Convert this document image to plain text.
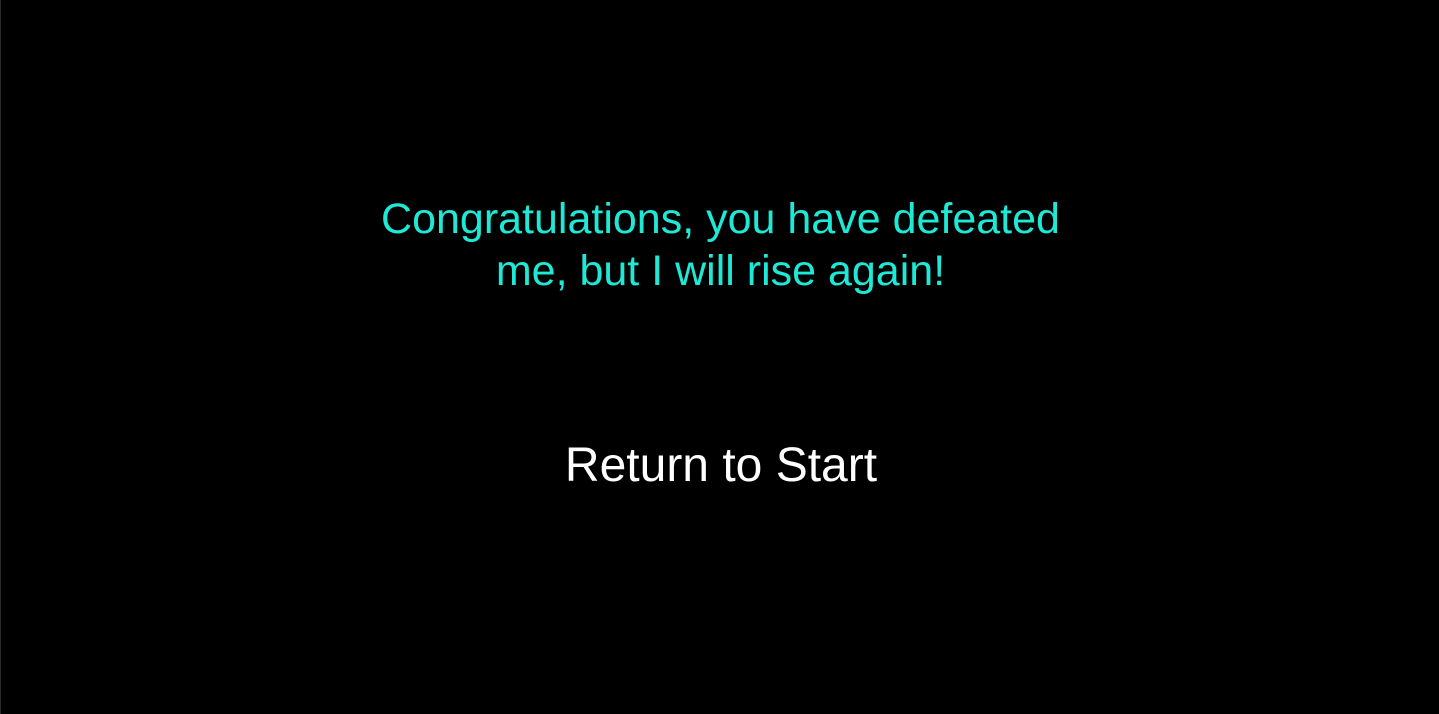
Congratulations, you have defeated
me, but I will rise again!
Return to Start
